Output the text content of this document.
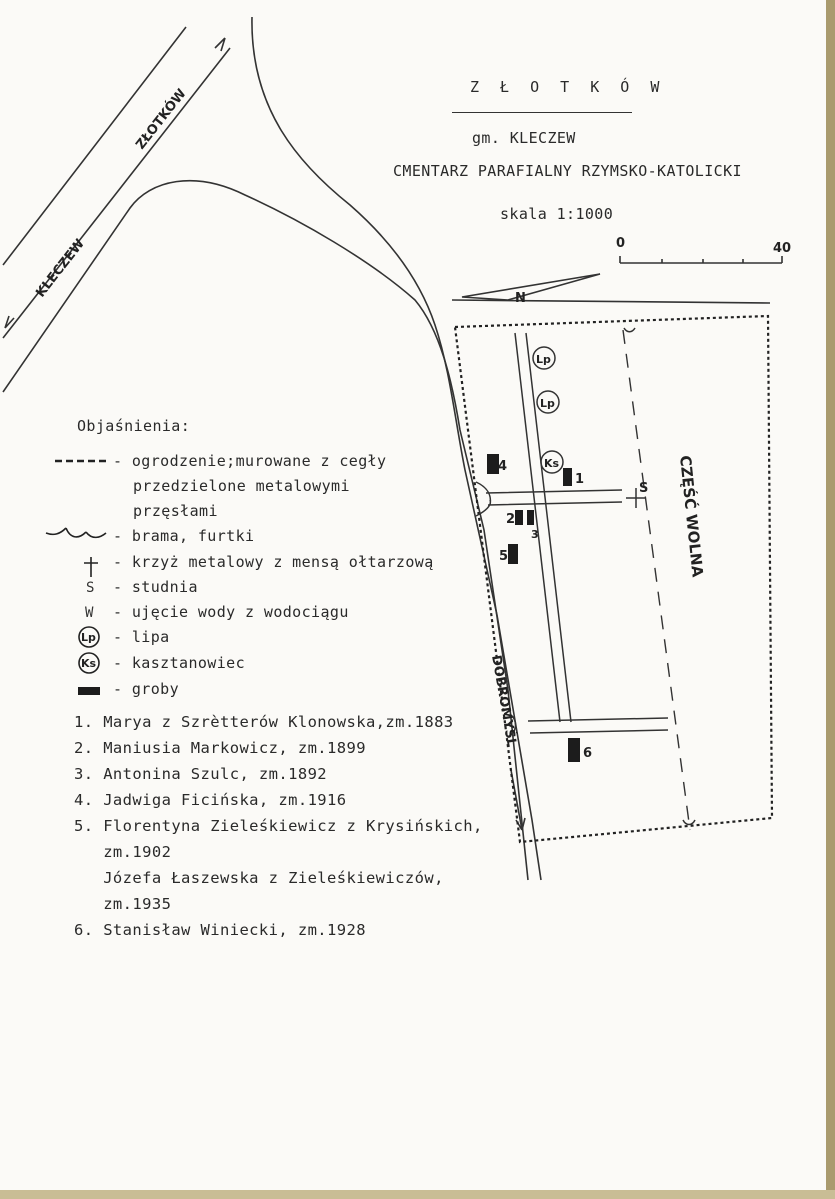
Z Ł O T K Ó W
gm. KLECZEW
CMENTARZ PARAFIALNY RZYMSKO-KATOLICKI
skala 1:1000
ZŁOTKÓW
KLECZEW
DOBROMYŚL
CZĘŚĆ WOLNA
N
0	40
Lp
Lp
Ks
S
1
2
3
4
5
6
S
W
Lp
Ks
Objaśnienia:
- ogrodzenie;murowane z cegły
przedzielone metalowymi
przęsłami
- brama, furtki
- krzyż metalowy z mensą ołtarzową
- studnia
- ujęcie wody z wodociągu
- lipa
- kasztanowiec
- groby
1. Marya z Szrètterów Klonowska,zm.1883
2. Maniusia Markowicz, zm.1899
3. Antonina Szulc, zm.1892
4. Jadwiga Ficińska, zm.1916
5. Florentyna Zieleśkiewicz z Krysińskich,
zm.1902
Józefa Łaszewska z Zieleśkiewiczów,
zm.1935
6. Stanisław Winiecki, zm.1928
